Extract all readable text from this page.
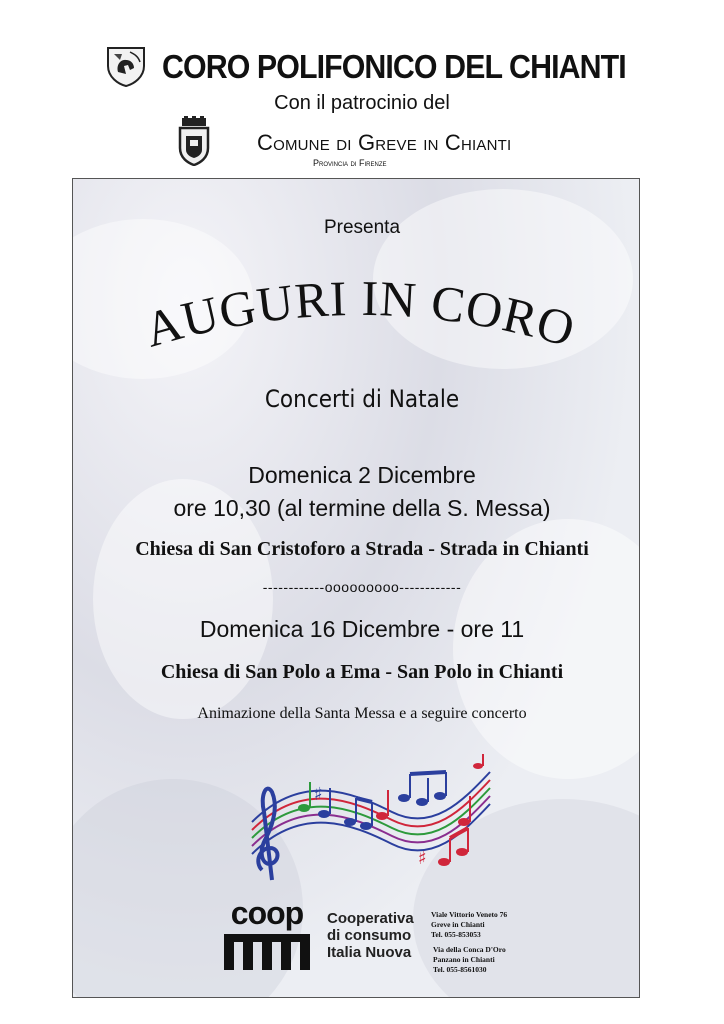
CORO POLIFONICO DEL CHIANTI
Con il patrocinio del
Comune di Greve in Chianti
Provincia di Firenze
Presenta
AUGURI IN CORO
Concerti di Natale
Domenica 2 Dicembre
ore 10,30 (al termine della S. Messa)
Chiesa di San Cristoforo a Strada - Strada in Chianti
------------ooooooooo------------
Domenica 16 Dicembre - ore 11
Chiesa di San Polo a Ema - San Polo in Chianti
Animazione della Santa Messa e a seguire concerto
♯
♯
coop Cooperativa
di consumo
Italia Nuova
Viale Vittorio Veneto 76
Greve in Chianti
Tel. 055-853053
Via della Conca D'Oro
Panzano in Chianti
Tel. 055-8561030
